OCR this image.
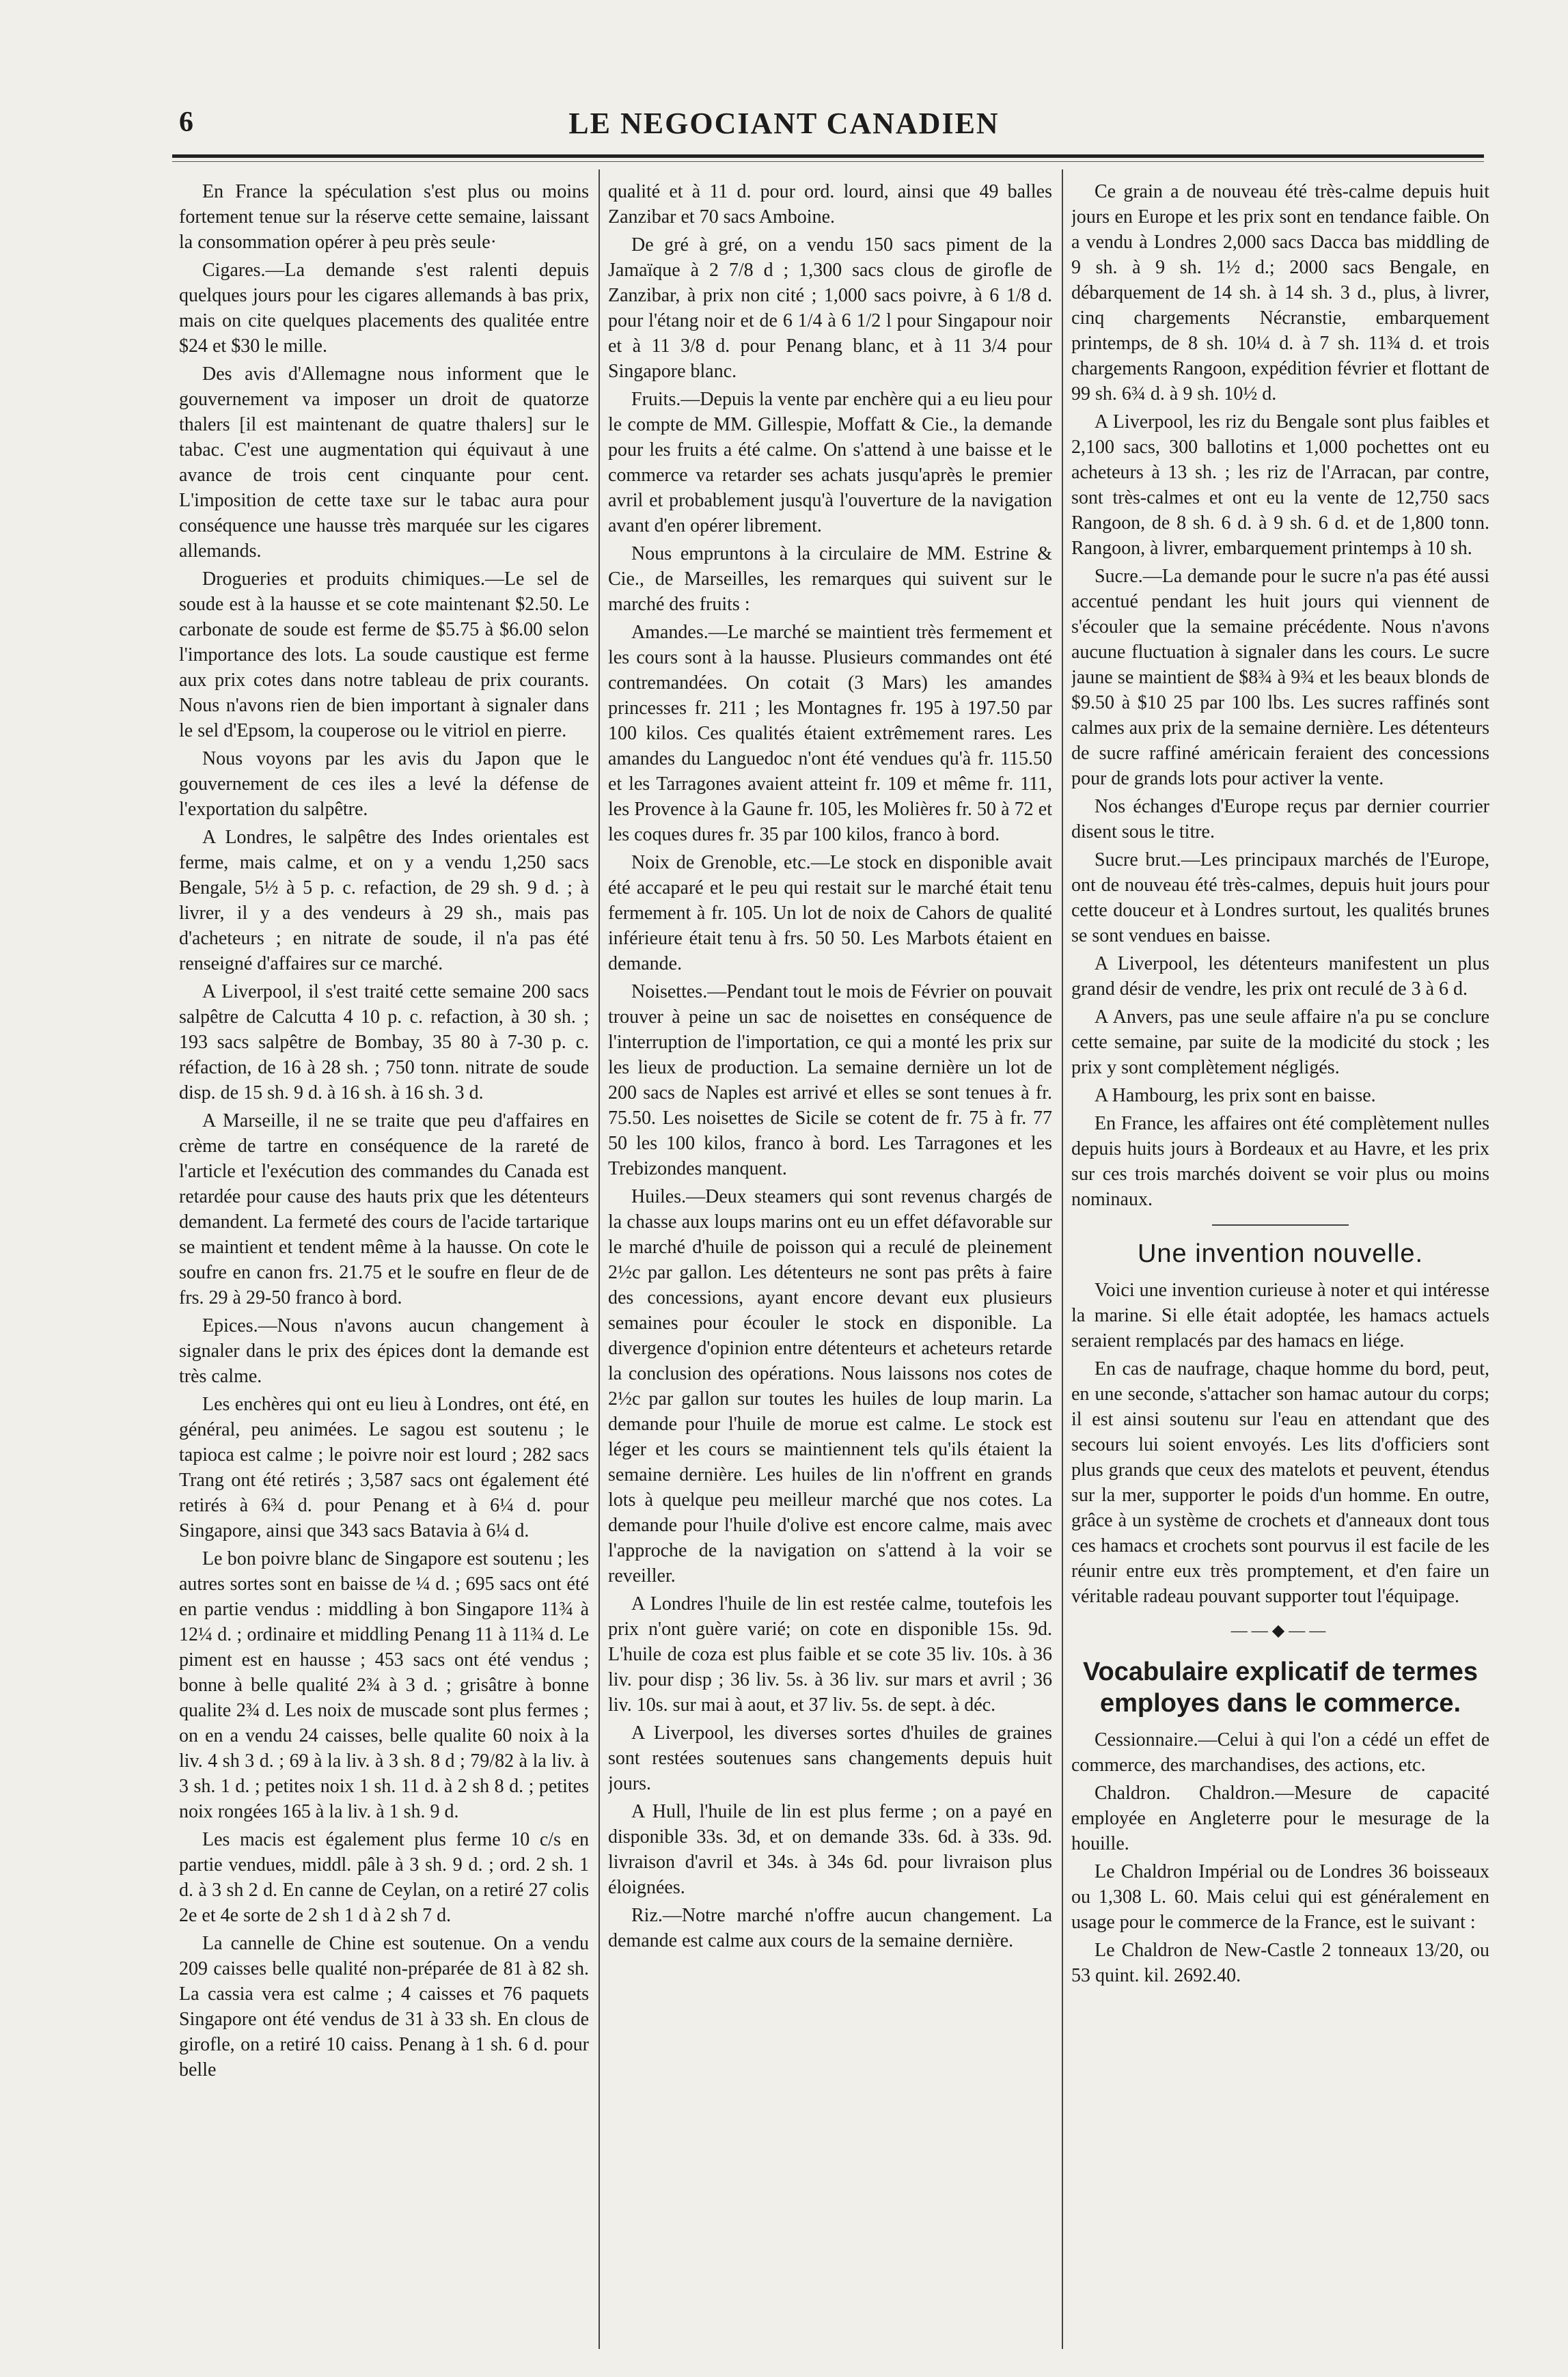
6	LE NEGOCIANT CANADIEN

En France la spéculation s'est plus ou moins fortement tenue sur la réserve cette semaine, laissant la consommation opérer à peu près seule·

Cigares.—La demande s'est ralenti depuis quelques jours pour les cigares allemands à bas prix, mais on cite quelques placements des qualitée entre $24 et $30 le mille.

Des avis d'Allemagne nous informent que le gouvernement va imposer un droit de quatorze thalers [il est maintenant de quatre thalers] sur le tabac. C'est une augmentation qui équivaut à une avance de trois cent cinquante pour cent. L'imposition de cette taxe sur le tabac aura pour conséquence une hausse très marquée sur les cigares allemands.

Drogueries et produits chimiques.—Le sel de soude est à la hausse et se cote maintenant $2.50. Le carbonate de soude est ferme de $5.75 à $6.00 selon l'importance des lots. La soude caustique est ferme aux prix cotes dans notre tableau de prix courants. Nous n'avons rien de bien important à signaler dans le sel d'Epsom, la couperose ou le vitriol en pierre.

Nous voyons par les avis du Japon que le gouvernement de ces iles a levé la défense de l'exportation du salpêtre.

A Londres, le salpêtre des Indes orientales est ferme, mais calme, et on y a vendu 1,250 sacs Bengale, 5½ à 5 p. c. refaction, de 29 sh. 9 d. ; à livrer, il y a des vendeurs à 29 sh., mais pas d'acheteurs ; en nitrate de soude, il n'a pas été renseigné d'affaires sur ce marché.

A Liverpool, il s'est traité cette semaine 200 sacs salpêtre de Calcutta 4 10 p. c. refaction, à 30 sh. ; 193 sacs salpêtre de Bombay, 35 80 à 7-30 p. c. réfaction, de 16 à 28 sh. ; 750 tonn. nitrate de soude disp. de 15 sh. 9 d. à 16 sh. à 16 sh. 3 d.

A Marseille, il ne se traite que peu d'affaires en crème de tartre en conséquence de la rareté de l'article et l'exécution des commandes du Canada est retardée pour cause des hauts prix que les détenteurs demandent. La fermeté des cours de l'acide tartarique se maintient et tendent même à la hausse. On cote le soufre en canon frs. 21.75 et le soufre en fleur de de frs. 29 à 29-50 franco à bord.

Epices.—Nous n'avons aucun changement à signaler dans le prix des épices dont la demande est très calme.

Les enchères qui ont eu lieu à Londres, ont été, en général, peu animées. Le sagou est soutenu ; le tapioca est calme ; le poivre noir est lourd ; 282 sacs Trang ont été retirés ; 3,587 sacs ont également été retirés à 6¾ d. pour Penang et à 6¼ d. pour Singapore, ainsi que 343 sacs Batavia à 6¼ d.

Le bon poivre blanc de Singapore est soutenu ; les autres sortes sont en baisse de ¼ d. ; 695 sacs ont été en partie vendus : middling à bon Singapore 11¾ à 12¼ d. ; ordinaire et middling Penang 11 à 11¾ d. Le piment est en hausse ; 453 sacs ont été vendus ; bonne à belle qualité 2¾ à 3 d. ; grisâtre à bonne qualite 2¾ d. Les noix de muscade sont plus fermes ; on en a vendu 24 caisses, belle qualite 60 noix à la liv. 4 sh 3 d. ; 69 à la liv. à 3 sh. 8 d ; 79/82 à la liv. à 3 sh. 1 d. ; petites noix 1 sh. 11 d. à 2 sh 8 d. ; petites noix rongées 165 à la liv. à 1 sh. 9 d.

Les macis est également plus ferme 10 c/s en partie vendues, middl. pâle à 3 sh. 9 d. ; ord. 2 sh. 1 d. à 3 sh 2 d. En canne de Ceylan, on a retiré 27 colis 2e et 4e sorte de 2 sh 1 d à 2 sh 7 d.

La cannelle de Chine est soutenue. On a vendu 209 caisses belle qualité non-préparée de 81 à 82 sh. La cassia vera est calme ; 4 caisses et 76 paquets Singapore ont été vendus de 31 à 33 sh. En clous de girofle, on a retiré 10 caiss. Penang à 1 sh. 6 d. pour belle

qualité et à 11 d. pour ord. lourd, ainsi que 49 balles Zanzibar et 70 sacs Amboine.

De gré à gré, on a vendu 150 sacs piment de la Jamaïque à 2 7/8 d ; 1,300 sacs clous de girofle de Zanzibar, à prix non cité ; 1,000 sacs poivre, à 6 1/8 d. pour l'étang noir et de 6 1/4 à 6 1/2 l pour Singapour noir et à 11 3/8 d. pour Penang blanc, et à 11 3/4 pour Singapore blanc.

Fruits.—Depuis la vente par enchère qui a eu lieu pour le compte de MM. Gillespie, Moffatt & Cie., la demande pour les fruits a été calme. On s'attend à une baisse et le commerce va retarder ses achats jusqu'après le premier avril et probablement jusqu'à l'ouverture de la navigation avant d'en opérer librement.

Nous empruntons à la circulaire de MM. Estrine & Cie., de Marseilles, les remarques qui suivent sur le marché des fruits :

Amandes.—Le marché se maintient très fermement et les cours sont à la hausse. Plusieurs commandes ont été contremandées. On cotait (3 Mars) les amandes princesses fr. 211 ; les Montagnes fr. 195 à 197.50 par 100 kilos. Ces qualités étaient extrêmement rares. Les amandes du Languedoc n'ont été vendues qu'à fr. 115.50 et les Tarragones avaient atteint fr. 109 et même fr. 111, les Provence à la Gaune fr. 105, les Molières fr. 50 à 72 et les coques dures fr. 35 par 100 kilos, franco à bord.

Noix de Grenoble, etc.—Le stock en disponible avait été accaparé et le peu qui restait sur le marché était tenu fermement à fr. 105. Un lot de noix de Cahors de qualité inférieure était tenu à frs. 50 50. Les Marbots étaient en demande.

Noisettes.—Pendant tout le mois de Février on pouvait trouver à peine un sac de noisettes en conséquence de l'interruption de l'importation, ce qui a monté les prix sur les lieux de production. La semaine dernière un lot de 200 sacs de Naples est arrivé et elles se sont tenues à fr. 75.50. Les noisettes de Sicile se cotent de fr. 75 à fr. 77 50 les 100 kilos, franco à bord. Les Tarragones et les Trebizondes manquent.

Huiles.—Deux steamers qui sont revenus chargés de la chasse aux loups marins ont eu un effet défavorable sur le marché d'huile de poisson qui a reculé de pleinement 2½c par gallon. Les détenteurs ne sont pas prêts à faire des concessions, ayant encore devant eux plusieurs semaines pour écouler le stock en disponible. La divergence d'opinion entre détenteurs et acheteurs retarde la conclusion des opérations. Nous laissons nos cotes de 2½c par gallon sur toutes les huiles de loup marin. La demande pour l'huile de morue est calme. Le stock est léger et les cours se maintiennent tels qu'ils étaient la semaine dernière. Les huiles de lin n'offrent en grands lots à quelque peu meilleur marché que nos cotes. La demande pour l'huile d'olive est encore calme, mais avec l'approche de la navigation on s'attend à la voir se reveiller.

A Londres l'huile de lin est restée calme, toutefois les prix n'ont guère varié; on cote en disponible 15s. 9d. L'huile de coza est plus faible et se cote 35 liv. 10s. à 36 liv. pour disp ; 36 liv. 5s. à 36 liv. sur mars et avril ; 36 liv. 10s. sur mai à aout, et 37 liv. 5s. de sept. à déc.

A Liverpool, les diverses sortes d'huiles de graines sont restées soutenues sans changements depuis huit jours.

A Hull, l'huile de lin est plus ferme ; on a payé en disponible 33s. 3d, et on demande 33s. 6d. à 33s. 9d. livraison d'avril et 34s. à 34s 6d. pour livraison plus éloignées.

Riz.—Notre marché n'offre aucun changement. La demande est calme aux cours de la semaine dernière.

Ce grain a de nouveau été très-calme depuis huit jours en Europe et les prix sont en tendance faible. On a vendu à Londres 2,000 sacs Dacca bas middling de 9 sh. à 9 sh. 1½ d.; 2000 sacs Bengale, en débarquement de 14 sh. à 14 sh. 3 d., plus, à livrer, cinq chargements Nécranstie, embarquement printemps, de 8 sh. 10¼ d. à 7 sh. 11¾ d. et trois chargements Rangoon, expédition février et flottant de 99 sh. 6¾ d. à 9 sh. 10½ d.

A Liverpool, les riz du Bengale sont plus faibles et 2,100 sacs, 300 ballotins et 1,000 pochettes ont eu acheteurs à 13 sh. ; les riz de l'Arracan, par contre, sont très-calmes et ont eu la vente de 12,750 sacs Rangoon, de 8 sh. 6 d. à 9 sh. 6 d. et de 1,800 tonn. Rangoon, à livrer, embarquement printemps à 10 sh.

Sucre.—La demande pour le sucre n'a pas été aussi accentué pendant les huit jours qui viennent de s'écouler que la semaine précédente. Nous n'avons aucune fluctuation à signaler dans les cours. Le sucre jaune se maintient de $8¾ à 9¾ et les beaux blonds de $9.50 à $10 25 par 100 lbs. Les sucres raffinés sont calmes aux prix de la semaine dernière. Les détenteurs de sucre raffiné américain feraient des concessions pour de grands lots pour activer la vente.

Nos échanges d'Europe reçus par dernier courrier disent sous le titre.

Sucre brut.—Les principaux marchés de l'Europe, ont de nouveau été très-calmes, depuis huit jours pour cette douceur et à Londres surtout, les qualités brunes se sont vendues en baisse.

A Liverpool, les détenteurs manifestent un plus grand désir de vendre, les prix ont reculé de 3 à 6 d.

A Anvers, pas une seule affaire n'a pu se conclure cette semaine, par suite de la modicité du stock ; les prix y sont complètement négligés.

A Hambourg, les prix sont en baisse.

En France, les affaires ont été complètement nulles depuis huits jours à Bordeaux et au Havre, et les prix sur ces trois marchés doivent se voir plus ou moins nominaux.

Une invention nouvelle.

Voici une invention curieuse à noter et qui intéresse la marine. Si elle était adoptée, les hamacs actuels seraient remplacés par des hamacs en liége.

En cas de naufrage, chaque homme du bord, peut, en une seconde, s'attacher son hamac autour du corps; il est ainsi soutenu sur l'eau en attendant que des secours lui soient envoyés. Les lits d'officiers sont plus grands que ceux des matelots et peuvent, étendus sur la mer, supporter le poids d'un homme. En outre, grâce à un système de crochets et d'anneaux dont tous ces hamacs et crochets sont pourvus il est facile de les réunir entre eux très promptement, et d'en faire un véritable radeau pouvant supporter tout l'équipage.

——◆——
Vocabulaire explicatif de termes employes dans le commerce.

Cessionnaire.—Celui à qui l'on a cédé un effet de commerce, des marchandises, des actions, etc.

Chaldron. Chaldron.—Mesure de capacité employée en Angleterre pour le mesurage de la houille.

Le Chaldron Impérial ou de Londres 36 boisseaux ou 1,308 L. 60. Mais celui qui est généralement en usage pour le commerce de la France, est le suivant :

Le Chaldron de New-Castle 2 tonneaux 13/20, ou 53 quint. kil. 2692.40.
